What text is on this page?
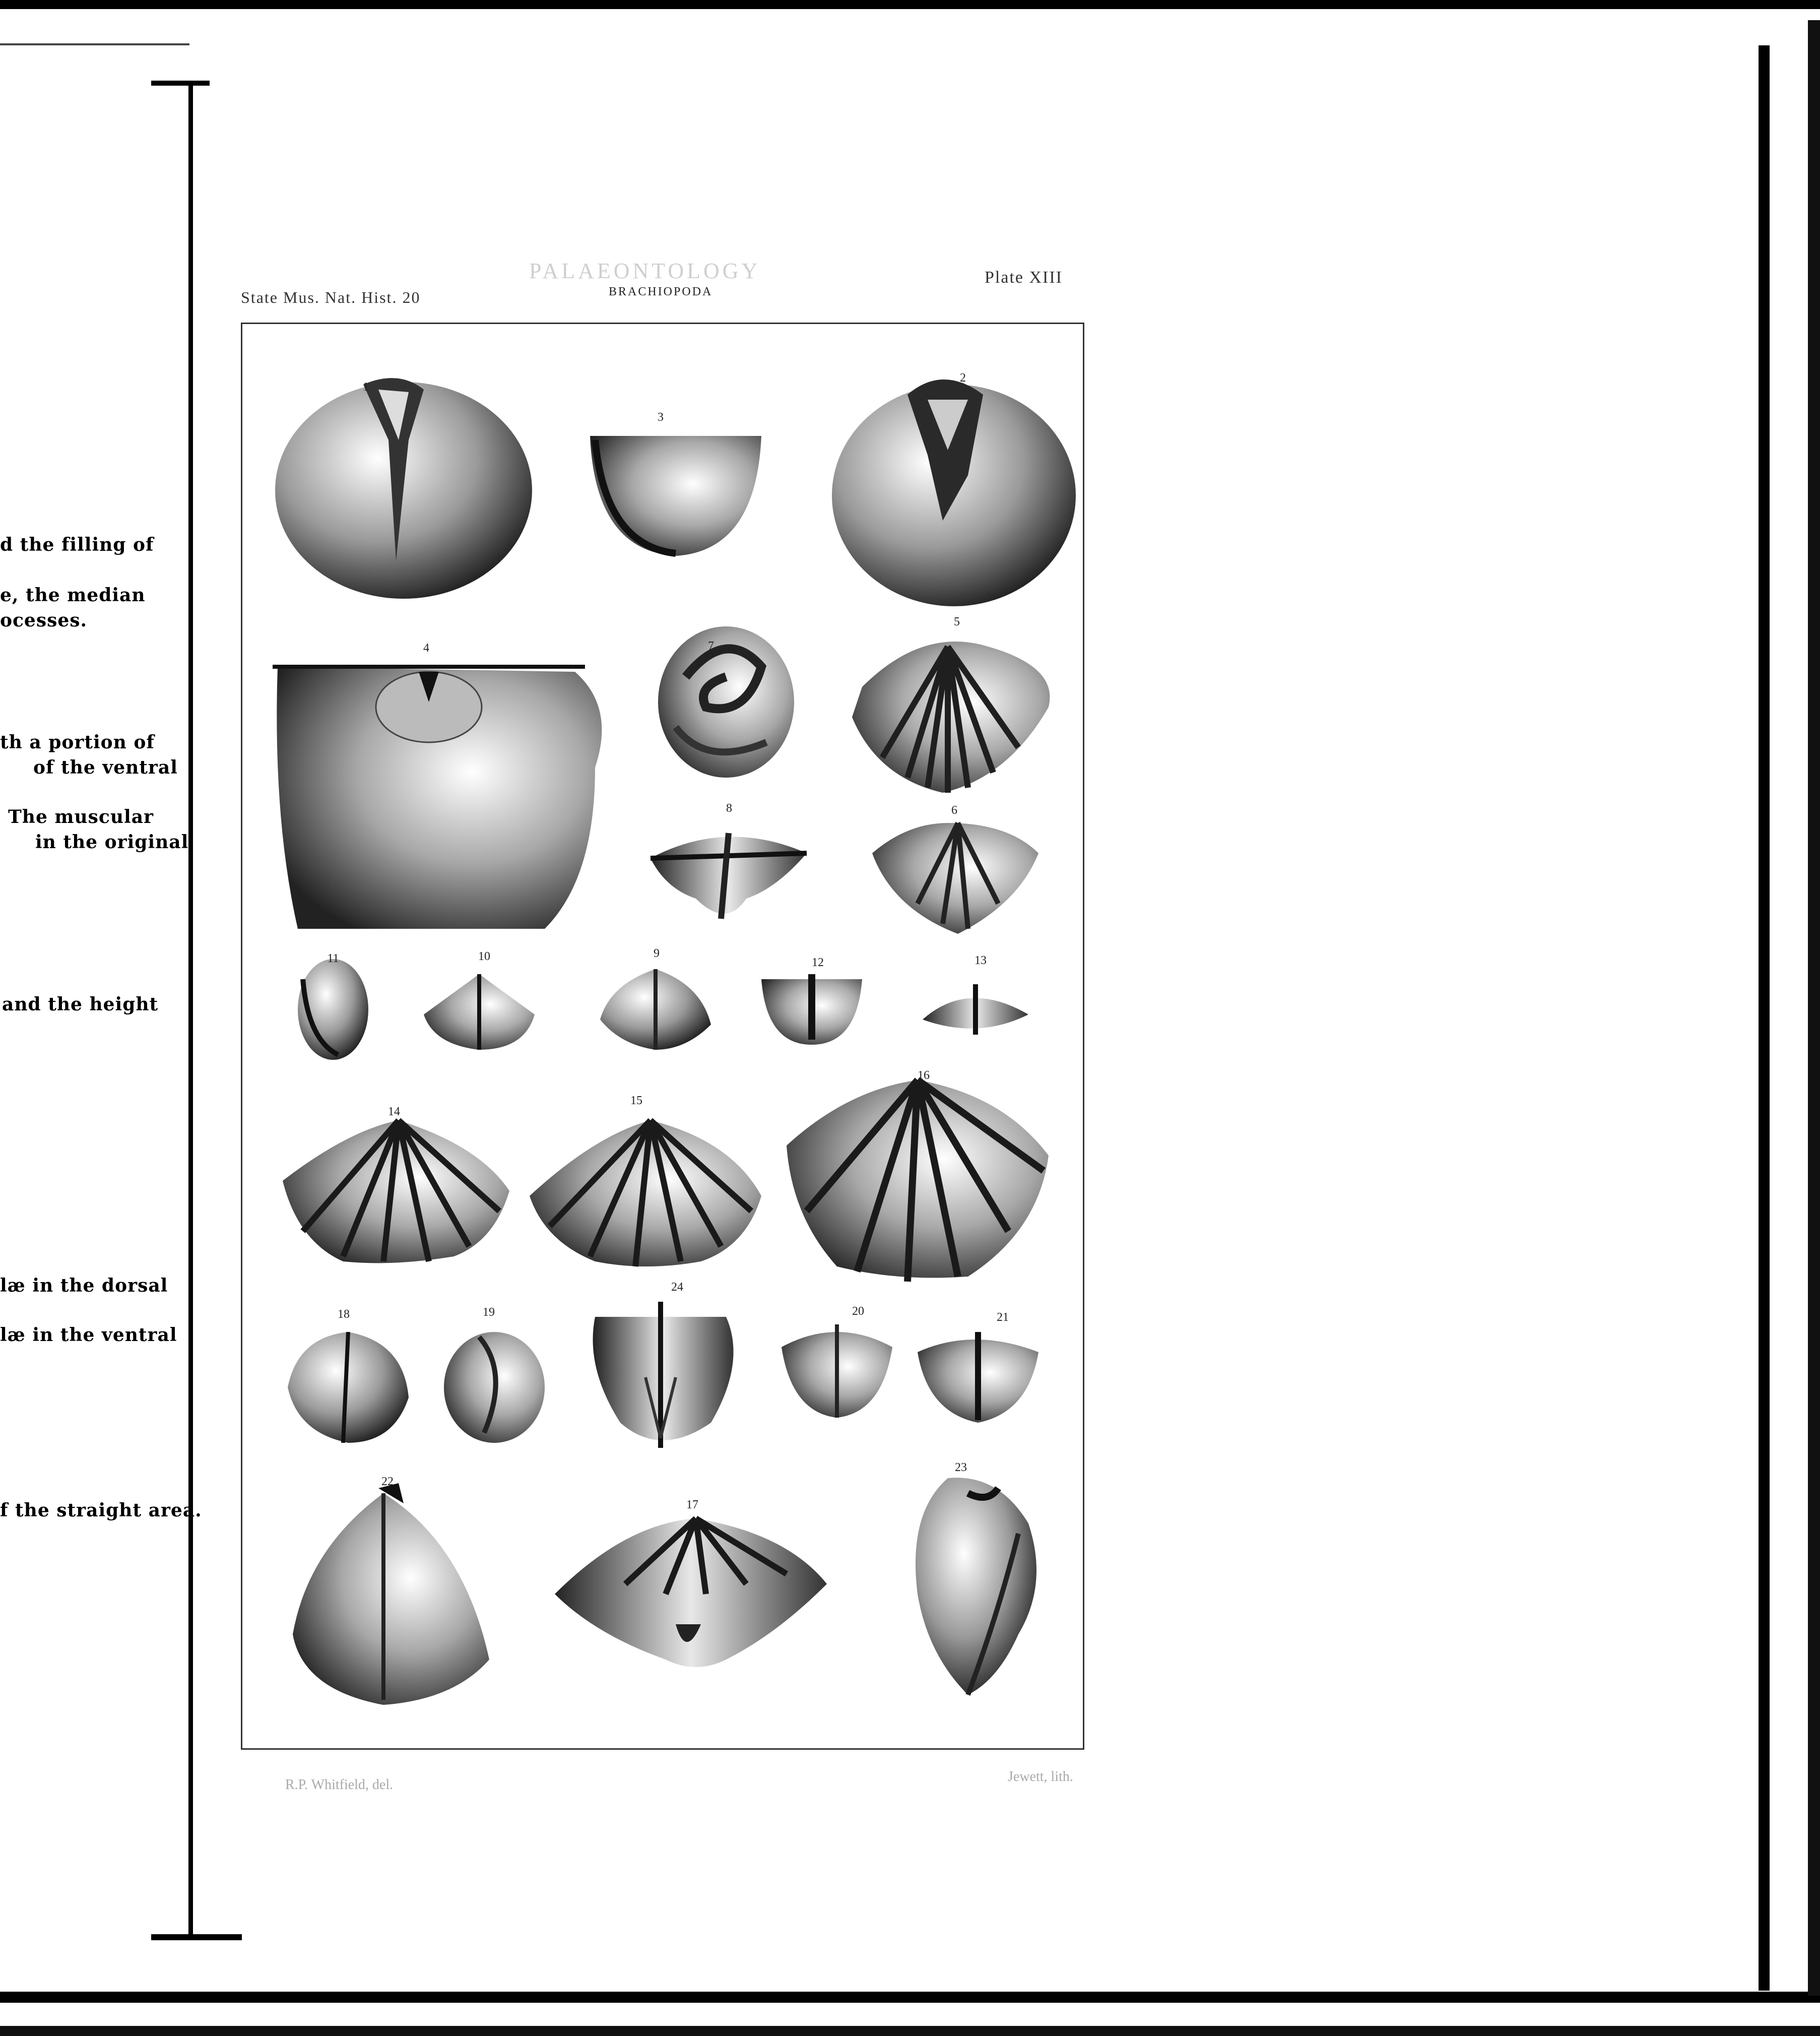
d the filling of
e, the median
ocesses.
th a portion of
of the ventral
The muscular
in the original
and the height
læ in the dorsal
læ in the ventral
f the straight area.
State Mus. Nat. Hist. 20
PALAEONTOLOGY
BRACHIOPODA
Plate XIII
1
3
2
4	7
5
8	6
11	10	9
12	13
14
15
16
18	19
24
20	21
22
17
23
R.P. Whitfield, del.
Jewett, lith.
